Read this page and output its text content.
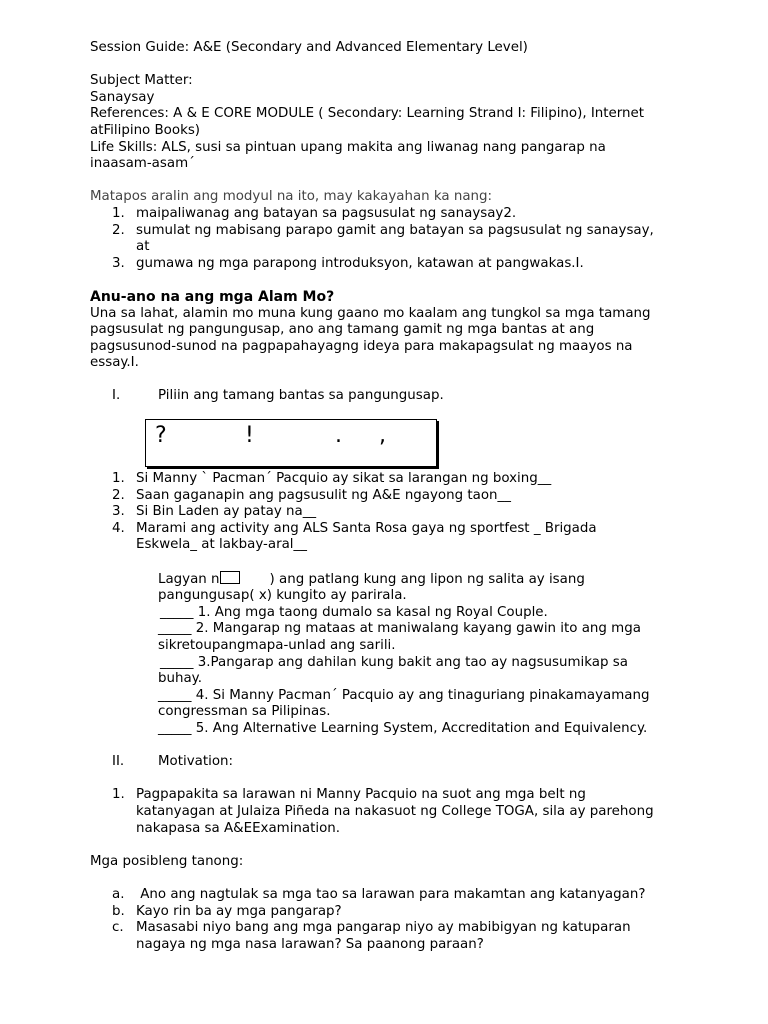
Session Guide: A&E (Secondary and Advanced Elementary Level)
Subject Matter:
Sanaysay
References: A & E CORE MODULE ( Secondary: Learning Strand I: Filipino), Internet
atFilipino Books)
Life Skills: ALS, susi sa pintuan upang makita ang liwanag nang pangarap na
inaasam-asam´
Matapos aralin ang modyul na ito, may kakayahan ka nang:
1. maipaliwanag ang batayan sa pagsusulat ng sanaysay2.
2. sumulat ng mabisang parapo gamit ang batayan sa pagsusulat ng sanaysay,
at
3. gumawa ng mga parapong introduksyon, katawan at pangwakas.I.
Anu-ano na ang mga Alam Mo?
Una sa lahat, alamin mo muna kung gaano mo kaalam ang tungkol sa mga tamang
pagsusulat ng pangungusap, ano ang tamang gamit ng mga bantas at ang
pagsusunod-sunod na pagpapahayagng ideya para makapagsulat ng maayos na
essay.I.
I.	Piliin ang tamang bantas sa pangungusap.
1. Si Manny ` Pacman´ Pacquio ay sikat sa larangan ng boxing__
2. Saan gaganapin ang pagsusulit ng A&E ngayong taon__
3. Si Bin Laden ay patay na__
4. Marami ang activity ang ALS Santa Rosa gaya ng sportfest _ Brigada
Eskwela_ at lakbay-aral__
Lagyan n	) ang patlang kung ang lipon ng salita ay isang
pangungusap( x) kungito ay parirala.
_____ 1. Ang mga taong dumalo sa kasal ng Royal Couple.
_____ 2. Mangarap ng mataas at maniwalang kayang gawin ito ang mga
sikretoupangmapa-unlad ang sarili.
_____ 3.Pangarap ang dahilan kung bakit ang tao ay nagsusumikap sa
buhay.
_____ 4. Si Manny Pacman´ Pacquio ay ang tinaguriang pinakamayamang
congressman sa Pilipinas.
_____ 5. Ang Alternative Learning System, Accreditation and Equivalency.
II.	Motivation:
1. Pagpapakita sa larawan ni Manny Pacquio na suot ang mga belt ng
katanyagan at Julaiza Piñeda na nakasuot ng College TOGA, sila ay parehong
nakapasa sa A&EExamination.
Mga posibleng tanong:
a. Ano ang nagtulak sa mga tao sa larawan para makamtan ang katanyagan?
b. Kayo rin ba ay mga pangarap?
c. Masasabi niyo bang ang mga pangarap niyo ay mabibigyan ng katuparan
nagaya ng mga nasa larawan? Sa paanong paraan?
?	!	. ,
